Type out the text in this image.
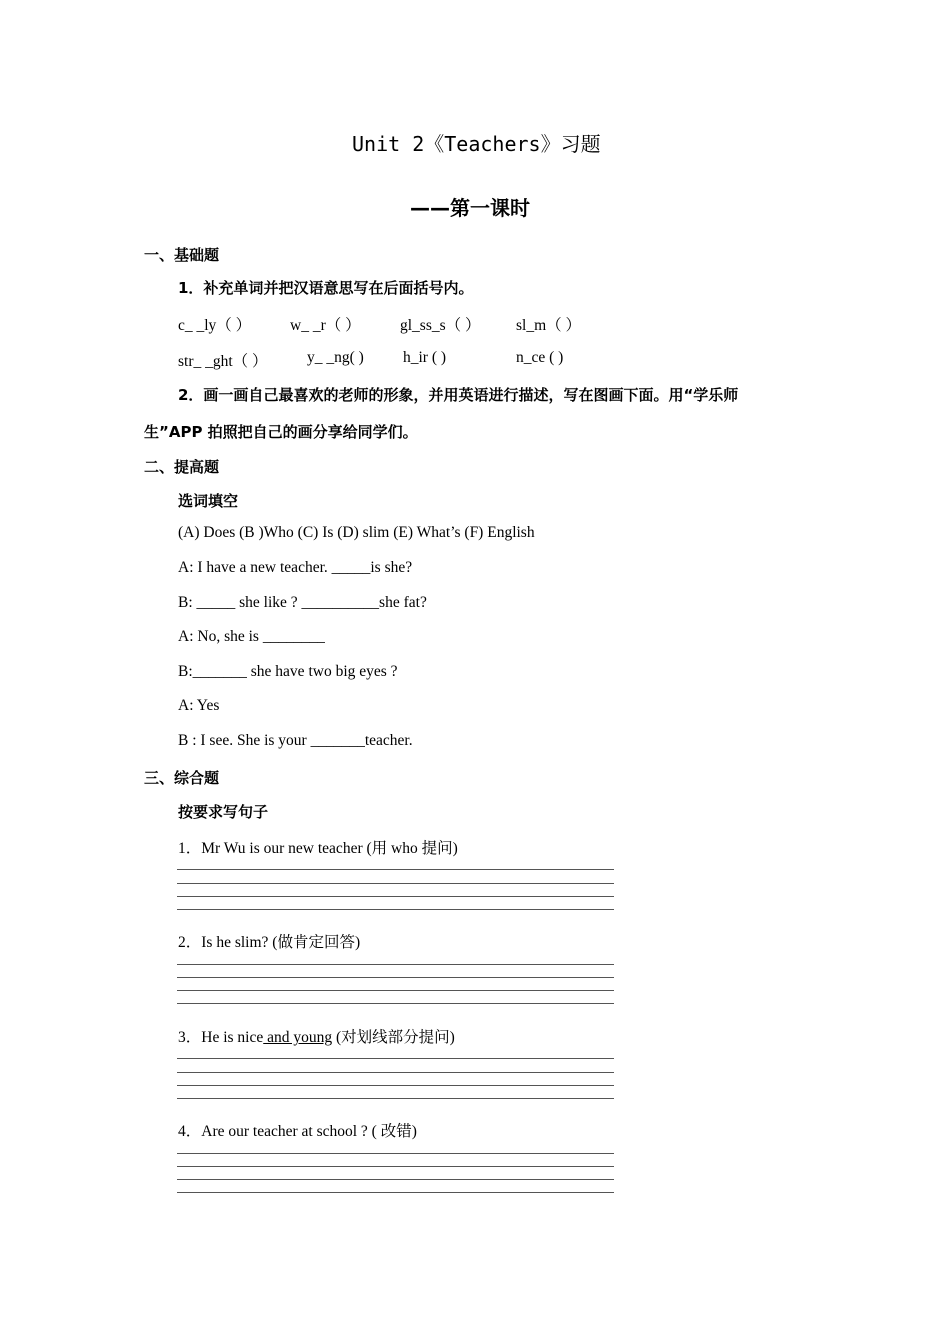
Unit 2《Teachers》习题
——第一课时
一、基础题
1．补充单词并把汉语意思写在后面括号内。
c_ _ly（ ）	w_ _r（ ）	gl_ss_s（ ） sl_m（ ）
str_ _ght（ ）	y_ _ng( )	h_ir ( )	n_ce ( )
2．画一画自己最喜欢的老师的形象，并用英语进行描述，写在图画下面。用“学乐师
生”APP 拍照把自己的画分享给同学们。
二、提高题
选词填空
(A) Does (B )Who (C) Is (D) slim (E) What’s (F) English
A: I have a new teacher. _____is she?
B: _____ she like ? __________she fat?
A: No, she is ________
B:_______ she have two big eyes ?
A: Yes
B : I see. She is your _______teacher.
三、综合题
按要求写句子
1．Mr Wu is our new teacher (用 who 提问)
2．Is he slim? (做肯定回答)
3．He is nice and young (对划线部分提问)
4．Are our teacher at school ? ( 改错)
